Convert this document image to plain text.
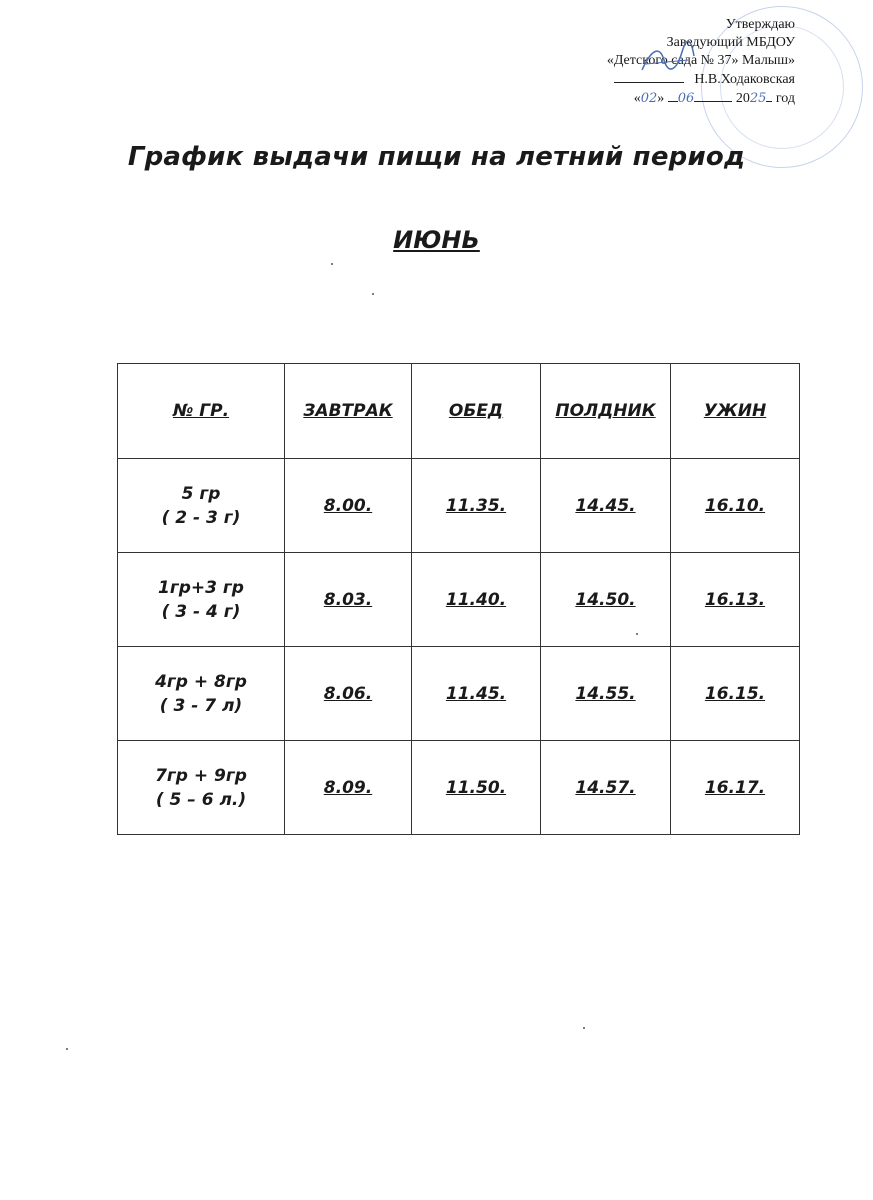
Утверждаю
Заведующий МБДОУ
«Детского сада № 37» Малыш»
Н.В.Ходаковская
«02» 06	2025 год
График выдачи пищи на летний период
ИЮНЬ
№ ГР.	ЗАВТРАК	ОБЕД	ПОЛДНИК	УЖИН
5 гр
( 2 - 3 г)	8.00.	11.35.	14.45.	16.10.
1гр+3 гр
( 3 - 4 г)	8.03.	11.40.	14.50.	16.13.
4гр + 8гр
( 3 - 7 л)	8.06.	11.45.	14.55.	16.15.
7гр + 9гр
( 5 – 6 л.)	8.09.	11.50.	14.57.	16.17.
